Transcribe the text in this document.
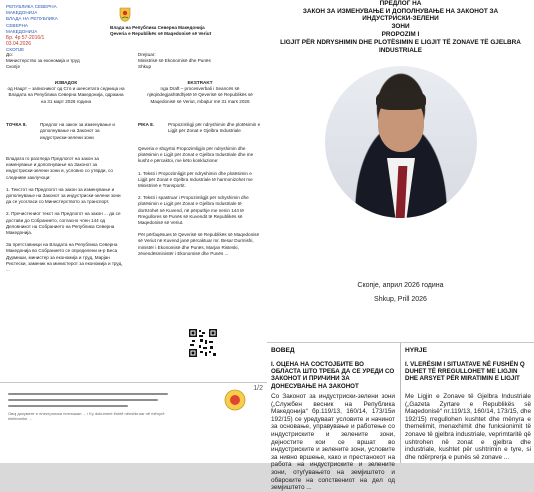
РЕПУБЛИКА СЕВЕРНА МАКЕДОНИЈА
ВЛАДА НА РЕПУБЛИКА СЕВЕРНА
МАКЕДОНИЈА
Бр. 4р 57-2016/1
03.04.2026
СКОПЈЕ
Влада на Република Северна Македонија
Qeveria e Republikës së Maqedonisë së Veriut
До:
Министерство за економија и труд
Скопје
Drejtuar:
Ministrisë së Ekonomisë dhe Punës
Shkup
ИЗВАДОК
од Нацрт – записникот од Сто и шеесетата седница на Владата на Република Северна Македонија, одржана на 31 март 2026 година
EKSTRAKT
nga Draft – procesverbali i Seancës së njëqindegjashtëdhjetë të Qeverisë së Republikës së Maqedonisë së Veriut, mbajtur më 31 mars 2026
ТОЧКА 8.	Предлог на закон за изменување и дополнување на Законот за индустриски-зелени зони
PIKA 8.	Propozimligji për ndryshimin dhe plotësimin e Ligjit për Zonat e Gjelbra Industriale
Владата го разгледа Предлогот на закон за изменување и дополнување на Законот за индустриски-зелени зони и, условно со утврди, со следниве заклучоци:
1. Текстот на Предлогот на закон за изменување и дополнување на Законот за индустриски-зелени зони да се усогласи со Министерството за транспорт.
2. Пречистениот текст на Предлогот на закон ... да се достави до Собранието, согласно член 144 од Деловникот на Собранието на Република Северна Македонија.
За претставници на Владата на Република Северна Македонија во Собранието се определени м-р Беса Дурмиши, министер за економија и труд, Марјан Ристески, заменик на министерот за економија и труд, ...
Qeveria e shqyrtoi Propozimligjin për ndryshimin dhe plotësimin e Ligjit për Zonat e Gjelbra Industriale dhe me kusht e përcaktoi, me këto konkluzione:
1. Teksti i Propozimligjit për ndryshimin dhe plotësimin e Ligjit për Zonat e Gjelbra Industriale të harmonizohet me Ministrinë e Transportit.
2. Teksti i spastruar i Propozimligjit për ndryshimin dhe plotësimin e Ligjit për Zonat e Gjelbra Industriale të dorëzohet në Kuvend, në përputhje me nenin 144 të Rregullores së Punës së Kuvendit të Republikës së Maqedonisë së Veriut.
Për përfaqësues të Qeverisë së Republikës së Maqedonisë së Veriut në Kuvend janë përcaktuar mr. Besar Durmishi, ministër i Ekonomisë dhe Punës, Marjan Risteski, zëvendësministër i Ekonomisë dhe Punës ...
Овој документ е електронски потпишан ... / Ky dokument është nënshkruar në mënyrë elektronike ...
1/2
ПРЕДЛОГ НА
ЗАКОН ЗА ИЗМЕНУВАЊЕ И ДОПОЛНУВАЊЕ НА ЗАКОНОТ ЗА ИНДУСТРИСКИ-ЗЕЛЕНИ
ЗОНИ
PROPOZIM I
LIGJIT PËR NDRYSHIMIN DHE PLOTËSIMIN E LIGJIT TË ZONAVE TË GJELBRA
INDUSTRIALE
Скопје, април 2026 година
Shkup, Prill 2026
ВОВЕД	HYRJE
I. ОЦЕНА НА СОСТОЈБИТЕ ВО ОБЛАСТА ШТО ТРЕБА ДА СЕ УРЕДИ СО ЗАКОНОТ И ПРИЧИНИ ЗА ДОНЕСУВАЊЕ НА ЗАКОНОТ
I. VLERËSIM I SITUATAVE NË FUSHËN Q DUHET TË RREGULLOHET ME LIGJIN DHE ARSYET PËR MIRATIMIN E LIGJIT
Со Законот за индустриски-зелени зони („Службен весник на Република Македонија“ бр.119/13, 160/14, 173/15и 192/15) се уредуваат условите и начинот за основање, управување и работење со индустриските и зелените зони, дејностите кои се вршат во индустриските и зелените зони, условите за нивно вршење, како и престанокот на работа на индустриските и зелените зони, отуѓувањето на земјиштето и обврските на сопствениот на дел од земјиштето ...
Me Ligjin e Zonave të Gjelbra Industriale („Gazeta Zyrtare e Republikës së Maqedonisë“ nr.119/13, 160/14, 173/15, dhe 192/15) rregullohen kushtet dhe mënyra e themelimit, menaxhimit dhe funksionimit të zonave të gjelbra industriale, veprimtaritë që ushtrohen në zonat e gjelbra dhe industriale, kushtet për ushtrimin e tyre, si dhe ndërprerja e punës së zonave ...
